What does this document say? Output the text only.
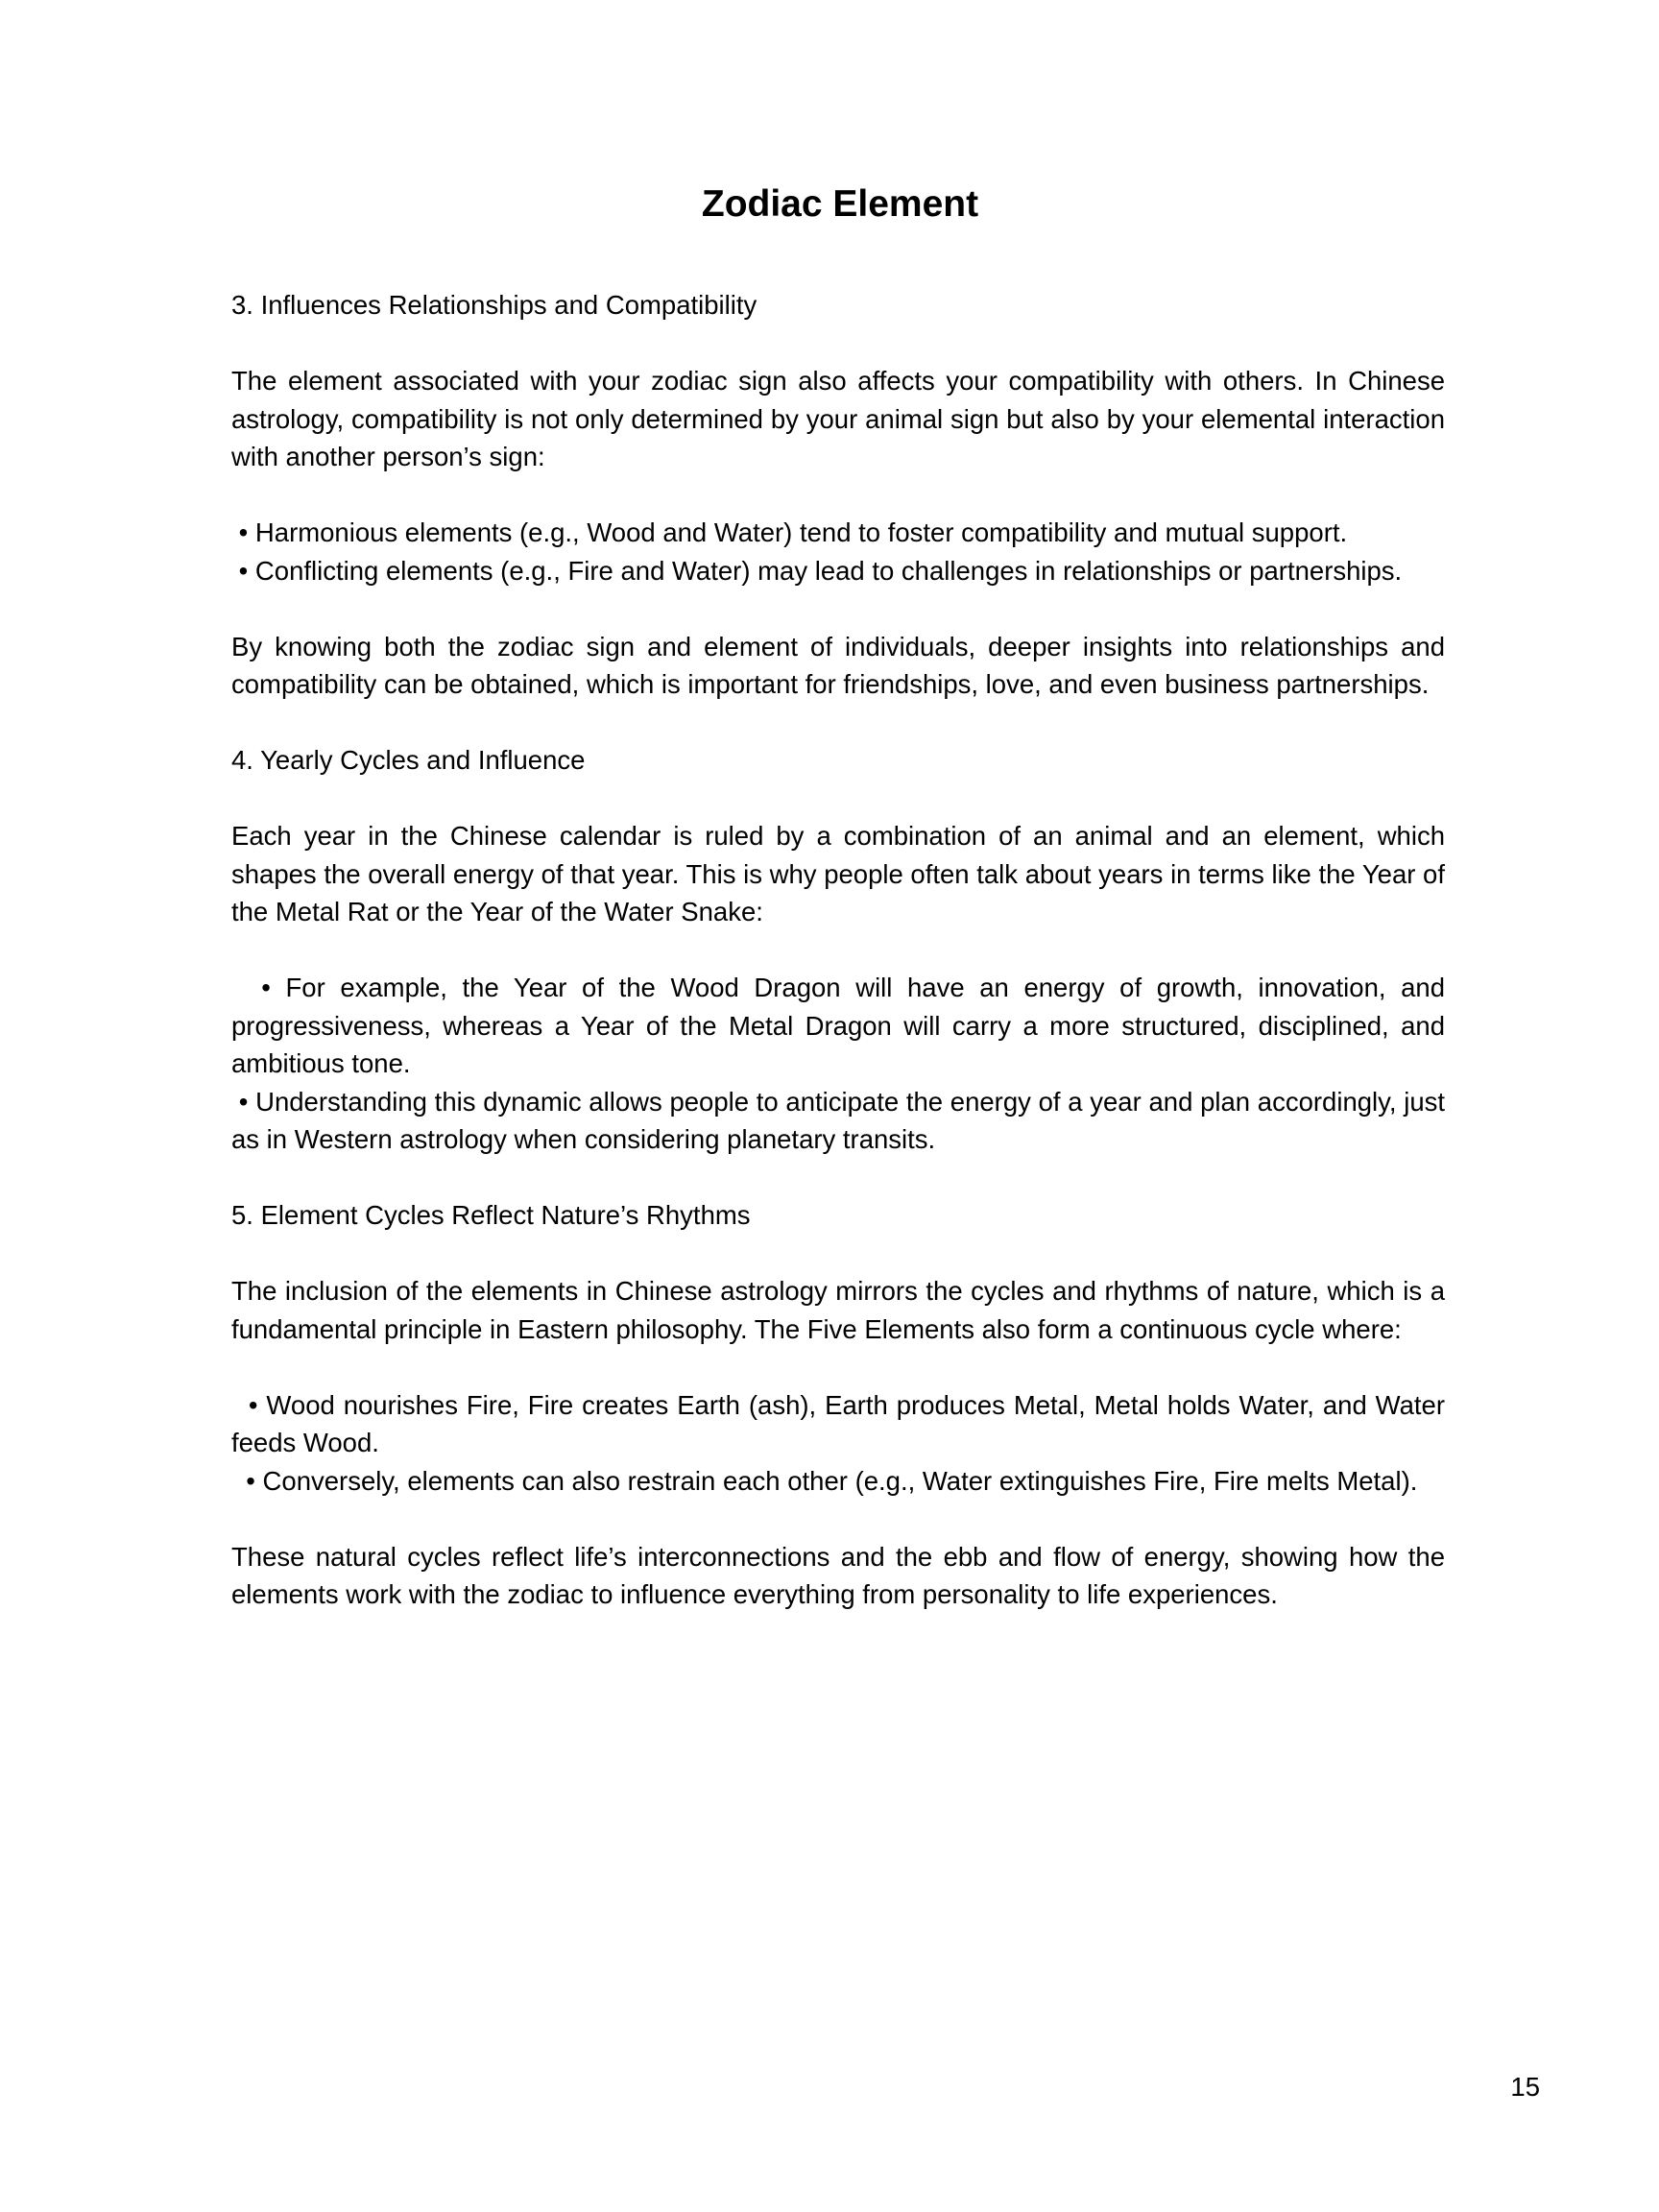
Zodiac Element

3. Influences Relationships and Compatibility

The element associated with your zodiac sign also affects your compatibility with others. In Chinese astrology, compatibility is not only determined by your animal sign but also by your elemental interaction with another person’s sign:

• Harmonious elements (e.g., Wood and Water) tend to foster compatibility and mutual support.

• Conflicting elements (e.g., Fire and Water) may lead to challenges in relationships or partnerships.

By knowing both the zodiac sign and element of individuals, deeper insights into relationships and compatibility can be obtained, which is important for friendships, love, and even business partnerships.

4. Yearly Cycles and Influence

Each year in the Chinese calendar is ruled by a combination of an animal and an element, which shapes the overall energy of that year. This is why people often talk about years in terms like the Year of the Metal Rat or the Year of the Water Snake:

• For example, the Year of the Wood Dragon will have an energy of growth, innovation, and progressiveness, whereas a Year of the Metal Dragon will carry a more structured, disciplined, and ambitious tone.

• Understanding this dynamic allows people to anticipate the energy of a year and plan accordingly, just as in Western astrology when considering planetary transits.

5. Element Cycles Reflect Nature’s Rhythms

The inclusion of the elements in Chinese astrology mirrors the cycles and rhythms of nature, which is a fundamental principle in Eastern philosophy. The Five Elements also form a continuous cycle where:

• Wood nourishes Fire, Fire creates Earth (ash), Earth produces Metal, Metal holds Water, and Water feeds Wood.

• Conversely, elements can also restrain each other (e.g., Water extinguishes Fire, Fire melts Metal).

These natural cycles reflect life’s interconnections and the ebb and flow of energy, showing how the elements work with the zodiac to influence everything from personality to life experiences.

15
